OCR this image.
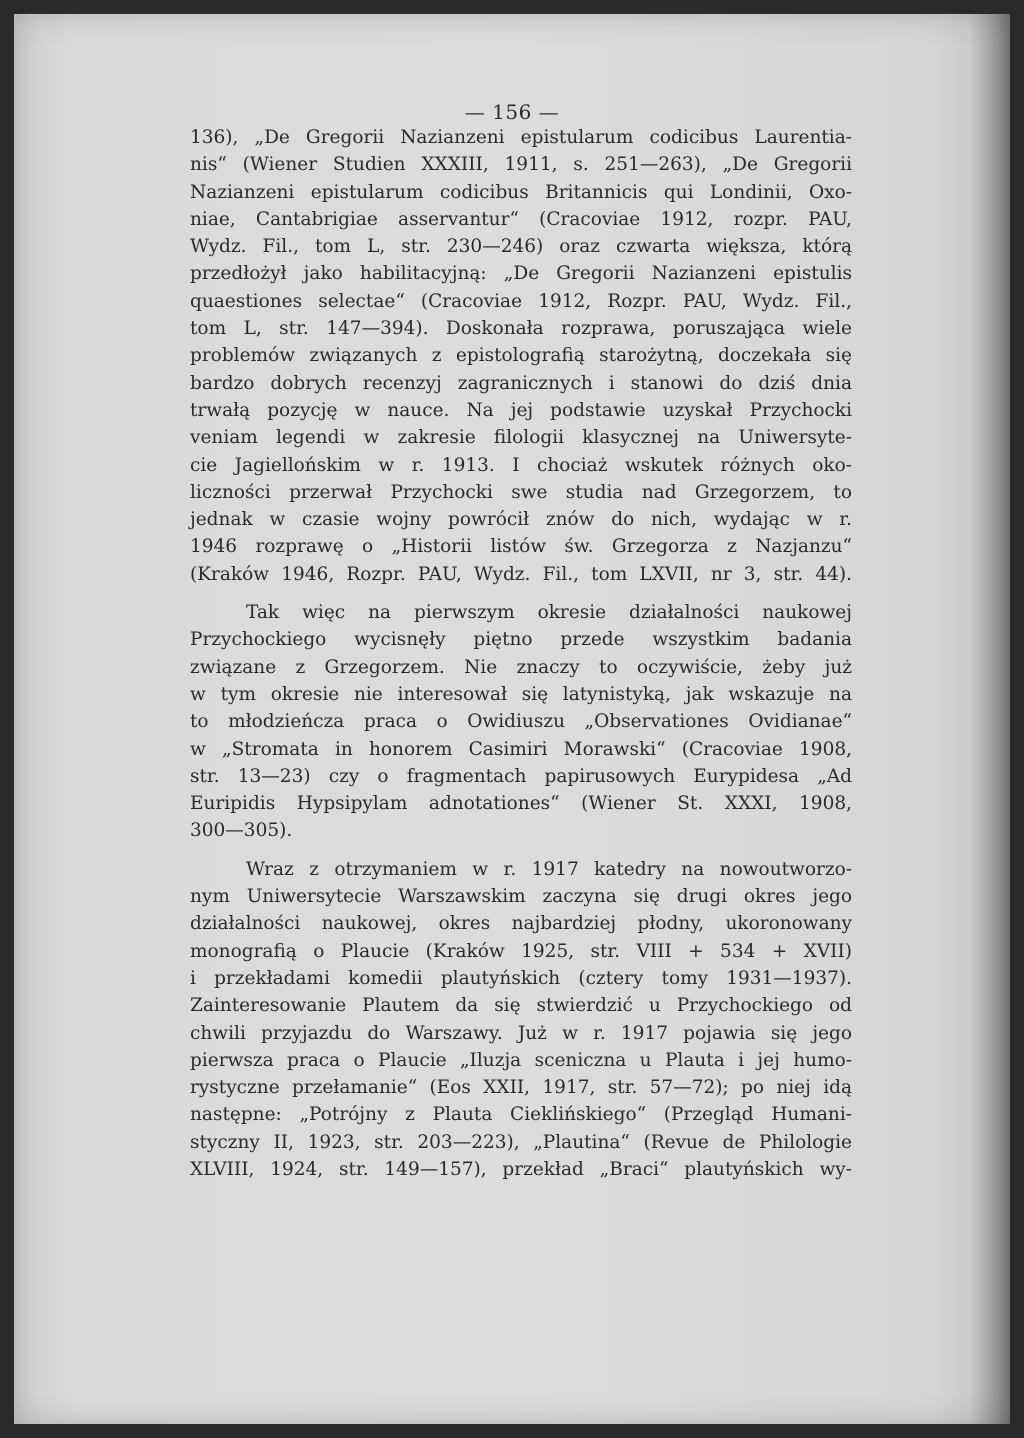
— 156 —
136), „De Gregorii Nazianzeni epistularum codicibus Laurentia-
nis“ (Wiener Studien XXXIII, 1911, s. 251—263), „De Gregorii
Nazianzeni epistularum codicibus Britannicis qui Londinii, Oxo-
niae, Cantabrigiae asservantur“ (Cracoviae 1912, rozpr. PAU,
Wydz. Fil., tom L, str. 230—246) oraz czwarta większa, którą
przedłożył jako habilitacyjną: „De Gregorii Nazianzeni epistulis
quaestiones selectae“ (Cracoviae 1912, Rozpr. PAU, Wydz. Fil.,
tom L, str. 147—394). Doskonała rozprawa, poruszająca wiele
problemów związanych z epistolografią starożytną, doczekała się
bardzo dobrych recenzyj zagranicznych i stanowi do dziś dnia
trwałą pozycję w nauce. Na jej podstawie uzyskał Przychocki
veniam legendi w zakresie filologii klasycznej na Uniwersyte-
cie Jagiellońskim w r. 1913. I chociaż wskutek różnych oko-
liczności przerwał Przychocki swe studia nad Grzegorzem, to
jednak w czasie wojny powrócił znów do nich, wydając w r.
1946 rozprawę o „Historii listów św. Grzegorza z Nazjanzu“
(Kraków 1946, Rozpr. PAU, Wydz. Fil., tom LXVII, nr 3, str. 44).
Tak więc na pierwszym okresie działalności naukowej
Przychockiego wycisnęły piętno przede wszystkim badania
związane z Grzegorzem. Nie znaczy to oczywiście, żeby już
w tym okresie nie interesował się latynistyką, jak wskazuje na
to młodzieńcza praca o Owidiuszu „Observationes Ovidianae“
w „Stromata in honorem Casimiri Morawski“ (Cracoviae 1908,
str. 13—23) czy o fragmentach papirusowych Eurypidesa „Ad
Euripidis Hypsipylam adnotationes“ (Wiener St. XXXI, 1908,
300—305).
Wraz z otrzymaniem w r. 1917 katedry na nowoutworzo-
nym Uniwersytecie Warszawskim zaczyna się drugi okres jego
działalności naukowej, okres najbardziej płodny, ukoronowany
monografią o Plaucie (Kraków 1925, str. VIII + 534 + XVII)
i przekładami komedii plautyńskich (cztery tomy 1931—1937).
Zainteresowanie Plautem da się stwierdzić u Przychockiego od
chwili przyjazdu do Warszawy. Już w r. 1917 pojawia się jego
pierwsza praca o Plaucie „Iluzja sceniczna u Plauta i jej humo-
rystyczne przełamanie“ (Eos XXII, 1917, str. 57—72); po niej idą
następne: „Potrójny z Plauta Cieklińskiego“ (Przegląd Humani-
styczny II, 1923, str. 203—223), „Plautina“ (Revue de Philologie
XLVIII, 1924, str. 149—157), przekład „Braci“ plautyńskich wy-
